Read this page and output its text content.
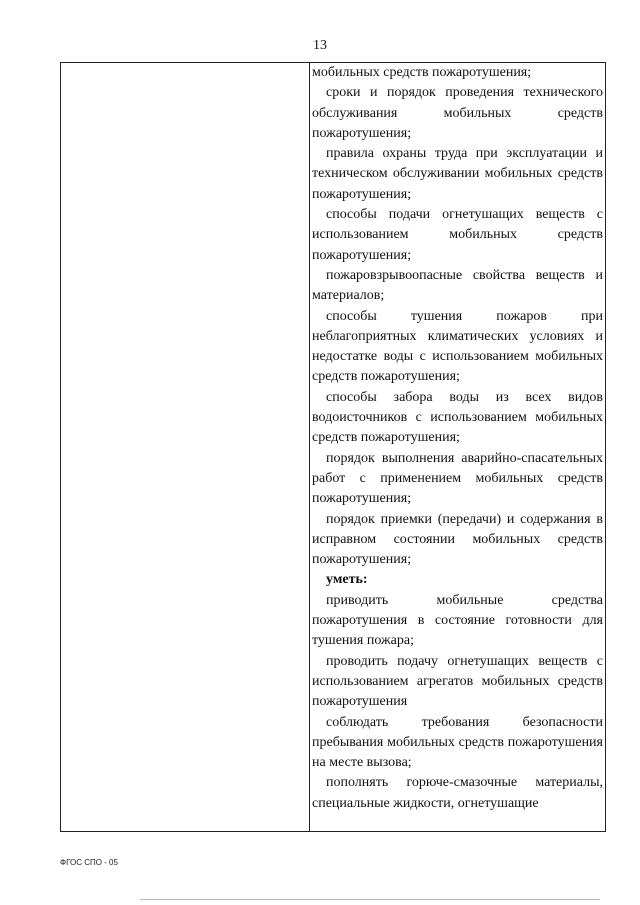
13

мобильных средств пожаротушения;

сроки и порядок проведения технического обслуживания мобильных средств пожаротушения;

правила охраны труда при эксплуатации и техническом обслуживании мобильных средств пожаротушения;

способы подачи огнетушащих веществ с использованием мобильных средств пожаротушения;

пожаровзрывоопасные свойства веществ и материалов;

способы тушения пожаров при неблагоприятных климатических условиях и недостатке воды с использованием мобильных средств пожаротушения;

способы забора воды из всех видов водоисточников с использованием мобильных средств пожаротушения;

порядок выполнения аварийно-спасательных работ с применением мобильных средств пожаротушения;

порядок приемки (передачи) и содержания в исправном состоянии мобильных средств пожаротушения;

уметь:

приводить мобильные средства пожаротушения в состояние готовности для тушения пожара;

проводить подачу огнетушащих веществ с использованием агрегатов мобильных средств пожаротушения

соблюдать требования безопасности пребывания мобильных средств пожаротушения на месте вызова;

пополнять горюче-смазочные материалы, специальные жидкости, огнетушащие

ФГОС СПО - 05
